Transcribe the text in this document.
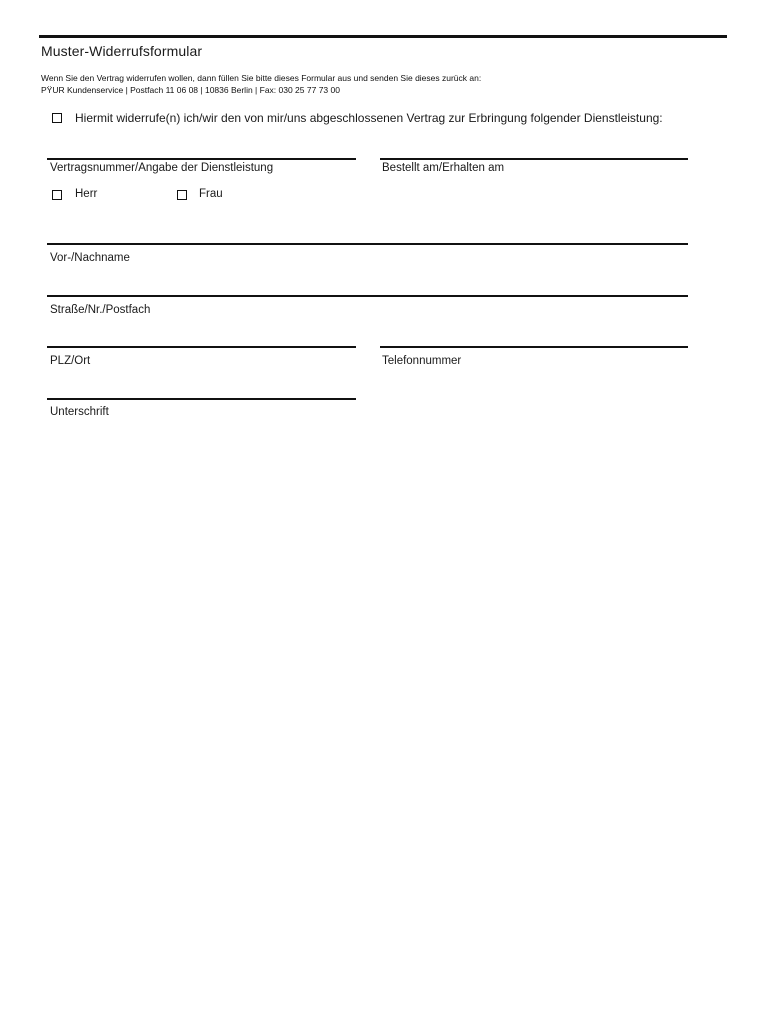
Muster-Widerrufsformular
Wenn Sie den Vertrag widerrufen wollen, dann füllen Sie bitte dieses Formular aus und senden Sie dieses zurück an:
PŸUR Kundenservice | Postfach 11 06 08 | 10836 Berlin | Fax: 030 25 77 73 00
Hiermit widerrufe(n) ich/wir den von mir/uns abgeschlossenen Vertrag zur Erbringung folgender Dienstleistung:
Vertragsnummer/Angabe der Dienstleistung	Bestellt am/Erhalten am
Herr	Frau
Vor-/Nachname
Straße/Nr./Postfach
PLZ/Ort	Telefonnummer
Unterschrift
